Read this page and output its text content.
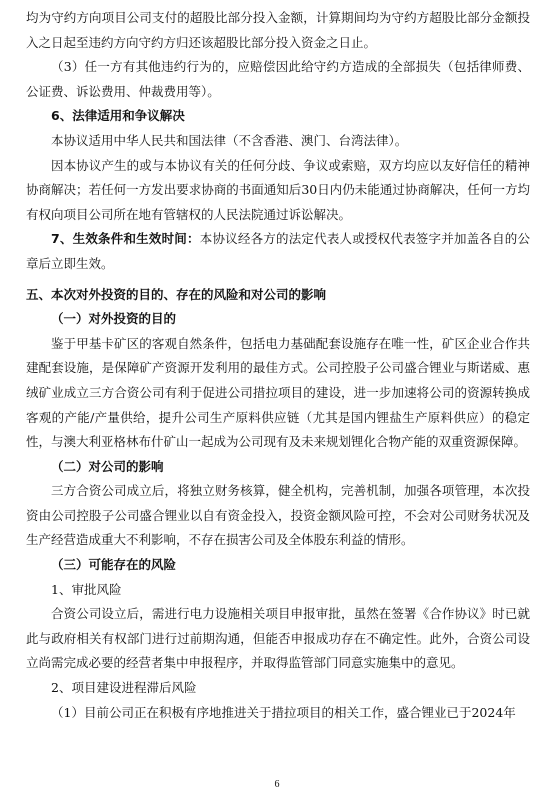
均为守约方向项目公司支付的超股比部分投入金额，计算期间均为守约方超股比部分金额投入之日起至违约方向守约方归还该超股比部分投入资金之日止。

（3）任一方有其他违约行为的，应赔偿因此给守约方造成的全部损失（包括律师费、公证费、诉讼费用、仲裁费用等）。

6、法律适用和争议解决

本协议适用中华人民共和国法律（不含香港、澳门、台湾法律）。

因本协议产生的或与本协议有关的任何分歧、争议或索赔，双方均应以友好信任的精神协商解决；若任何一方发出要求协商的书面通知后30日内仍未能通过协商解决，任何一方均有权向项目公司所在地有管辖权的人民法院通过诉讼解决。

7、生效条件和生效时间：本协议经各方的法定代表人或授权代表签字并加盖各自的公章后立即生效。

五、本次对外投资的目的、存在的风险和对公司的影响

（一）对外投资的目的

鉴于甲基卡矿区的客观自然条件，包括电力基础配套设施存在唯一性，矿区企业合作共建配套设施，是保障矿产资源开发利用的最佳方式。公司控股子公司盛合锂业与斯诺威、惠绒矿业成立三方合资公司有利于促进公司措拉项目的建设，进一步加速将公司的资源转换成客观的产能/产量供给，提升公司生产原料供应链（尤其是国内锂盐生产原料供应）的稳定性，与澳大利亚格林布什矿山一起成为公司现有及未来规划锂化合物产能的双重资源保障。

（二）对公司的影响

三方合资公司成立后，将独立财务核算，健全机构，完善机制，加强各项管理，本次投资由公司控股子公司盛合锂业以自有资金投入，投资金额风险可控，不会对公司财务状况及生产经营造成重大不利影响，不存在损害公司及全体股东利益的情形。

（三）可能存在的风险

1、审批风险

合资公司设立后，需进行电力设施相关项目申报审批，虽然在签署《合作协议》时已就此与政府相关有权部门进行过前期沟通，但能否申报成功存在不确定性。此外，合资公司设立尚需完成必要的经营者集中申报程序，并取得监管部门同意实施集中的意见。

2、项目建设进程滞后风险

（1）目前公司正在积极有序地推进关于措拉项目的相关工作，盛合锂业已于2024年

6
